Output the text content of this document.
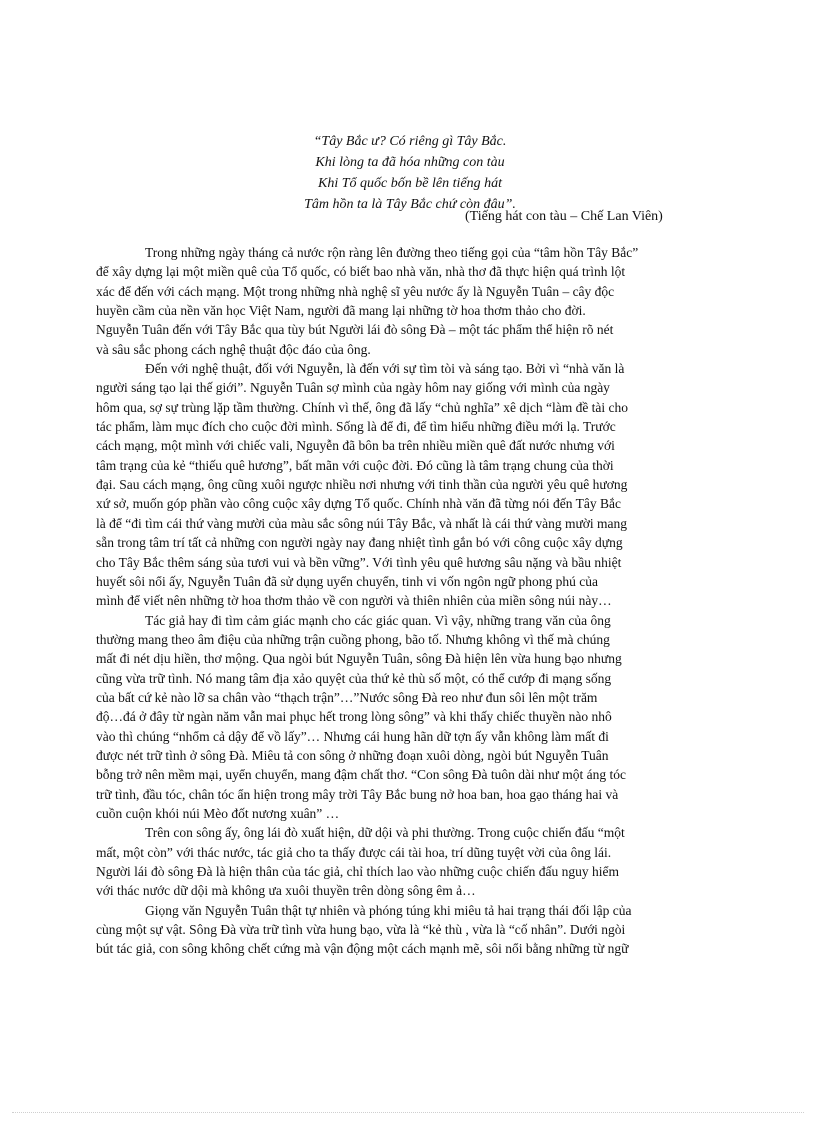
“Tây Bắc ư? Có riêng gì Tây Bắc.
Khi lòng ta đã hóa những con tàu
Khi Tổ quốc bốn bề lên tiếng hát
Tâm hồn ta là Tây Bắc chứ còn đâu”.
(Tiếng hát con tàu – Chế Lan Viên)
Trong những ngày tháng cả nước rộn ràng lên đường theo tiếng gọi của “tâm hồn Tây Bắc”
để xây dựng lại một miền quê của Tổ quốc, có biết bao nhà văn, nhà thơ đã thực hiện quá trình lột
xác để đến với cách mạng. Một trong những nhà nghệ sĩ yêu nước ấy là Nguyễn Tuân – cây độc
huyền cầm của nền văn học Việt Nam, người đã mang lại những tờ hoa thơm thảo cho đời.
Nguyễn Tuân đến với Tây Bắc qua tùy bút Người lái đò sông Đà – một tác phẩm thể hiện rõ nét
và sâu sắc phong cách nghệ thuật độc đáo của ông.
Đến với nghệ thuật, đối với Nguyễn, là đến với sự tìm tòi và sáng tạo. Bởi vì “nhà văn là
người sáng tạo lại thế giới”. Nguyễn Tuân sợ mình của ngày hôm nay giống với mình của ngày
hôm qua, sợ sự trùng lặp tầm thường. Chính vì thế, ông đã lấy “chủ nghĩa” xê dịch “làm đề tài cho
tác phẩm, làm mục đích cho cuộc đời mình. Sống là để đi, để tìm hiểu những điều mới lạ. Trước
cách mạng, một mình với chiếc vali, Nguyễn đã bôn ba trên nhiều miền quê đất nước nhưng với
tâm trạng của kẻ “thiếu quê hương”, bất mãn với cuộc đời. Đó cũng là tâm trạng chung của thời
đại. Sau cách mạng, ông cũng xuôi ngược nhiều nơi nhưng với tinh thần của người yêu quê hương
xứ sở, muốn góp phần vào công cuộc xây dựng Tổ quốc. Chính nhà văn đã từng nói đến Tây Bắc
là để “đi tìm cái thứ vàng mười của màu sắc sông núi Tây Bắc, và nhất là cái thứ vàng mười mang
sẵn trong tâm trí tất cả những con người ngày nay đang nhiệt tình gắn bó với công cuộc xây dựng
cho Tây Bắc thêm sáng sủa tươi vui và bền vững”. Với tình yêu quê hương sâu nặng và bầu nhiệt
huyết sôi nổi ấy, Nguyễn Tuân đã sử dụng uyển chuyển, tinh vi vốn ngôn ngữ phong phú của
mình để viết nên những tờ hoa thơm thảo về con người và thiên nhiên của miền sông núi này…
Tác giả hay đi tìm cảm giác mạnh cho các giác quan. Vì vậy, những trang văn của ông
thường mang theo âm điệu của những trận cuồng phong, bão tố. Nhưng không vì thế mà chúng
mất đi nét dịu hiền, thơ mộng. Qua ngòi bút Nguyễn Tuân, sông Đà hiện lên vừa hung bạo nhưng
cũng vừa trữ tình. Nó mang tâm địa xảo quyệt của thứ kẻ thù số một, có thể cướp đi mạng sống
của bất cứ kẻ nào lỡ sa chân vào “thạch trận”…”Nước sông Đà reo như đun sôi lên một trăm
độ…đá ở đây từ ngàn năm vẫn mai phục hết trong lòng sông” và khi thấy chiếc thuyền nào nhô
vào thì chúng “nhổm cả dậy để vồ lấy”… Nhưng cái hung hãn dữ tợn ấy vẫn không làm mất đi
được nét trữ tình ở sông Đà. Miêu tả con sông ở những đoạn xuôi dòng, ngòi bút Nguyễn Tuân
bỗng trở nên mềm mại, uyển chuyển, mang đậm chất thơ. “Con sông Đà tuôn dài như một áng tóc
trữ tình, đầu tóc, chân tóc ẩn hiện trong mây trời Tây Bắc bung nở hoa ban, hoa gạo tháng hai và
cuồn cuộn khói núi Mèo đốt nương xuân” …
Trên con sông ấy, ông lái đò xuất hiện, dữ dội và phi thường. Trong cuộc chiến đấu “một
mất, một còn” với thác nước, tác giả cho ta thấy được cái tài hoa, trí dũng tuyệt vời của ông lái.
Người lái đò sông Đà là hiện thân của tác giả, chỉ thích lao vào những cuộc chiến đấu nguy hiểm
với thác nước dữ dội mà không ưa xuôi thuyền trên dòng sông êm ả…
Giọng văn Nguyễn Tuân thật tự nhiên và phóng túng khi miêu tả hai trạng thái đối lập của
cùng một sự vật. Sông Đà vừa trữ tình vừa hung bạo, vừa là “kẻ thù , vừa là “cố nhân”. Dưới ngòi
bút tác giả, con sông không chết cứng mà vận động một cách mạnh mẽ, sôi nổi bằng những từ ngữ
